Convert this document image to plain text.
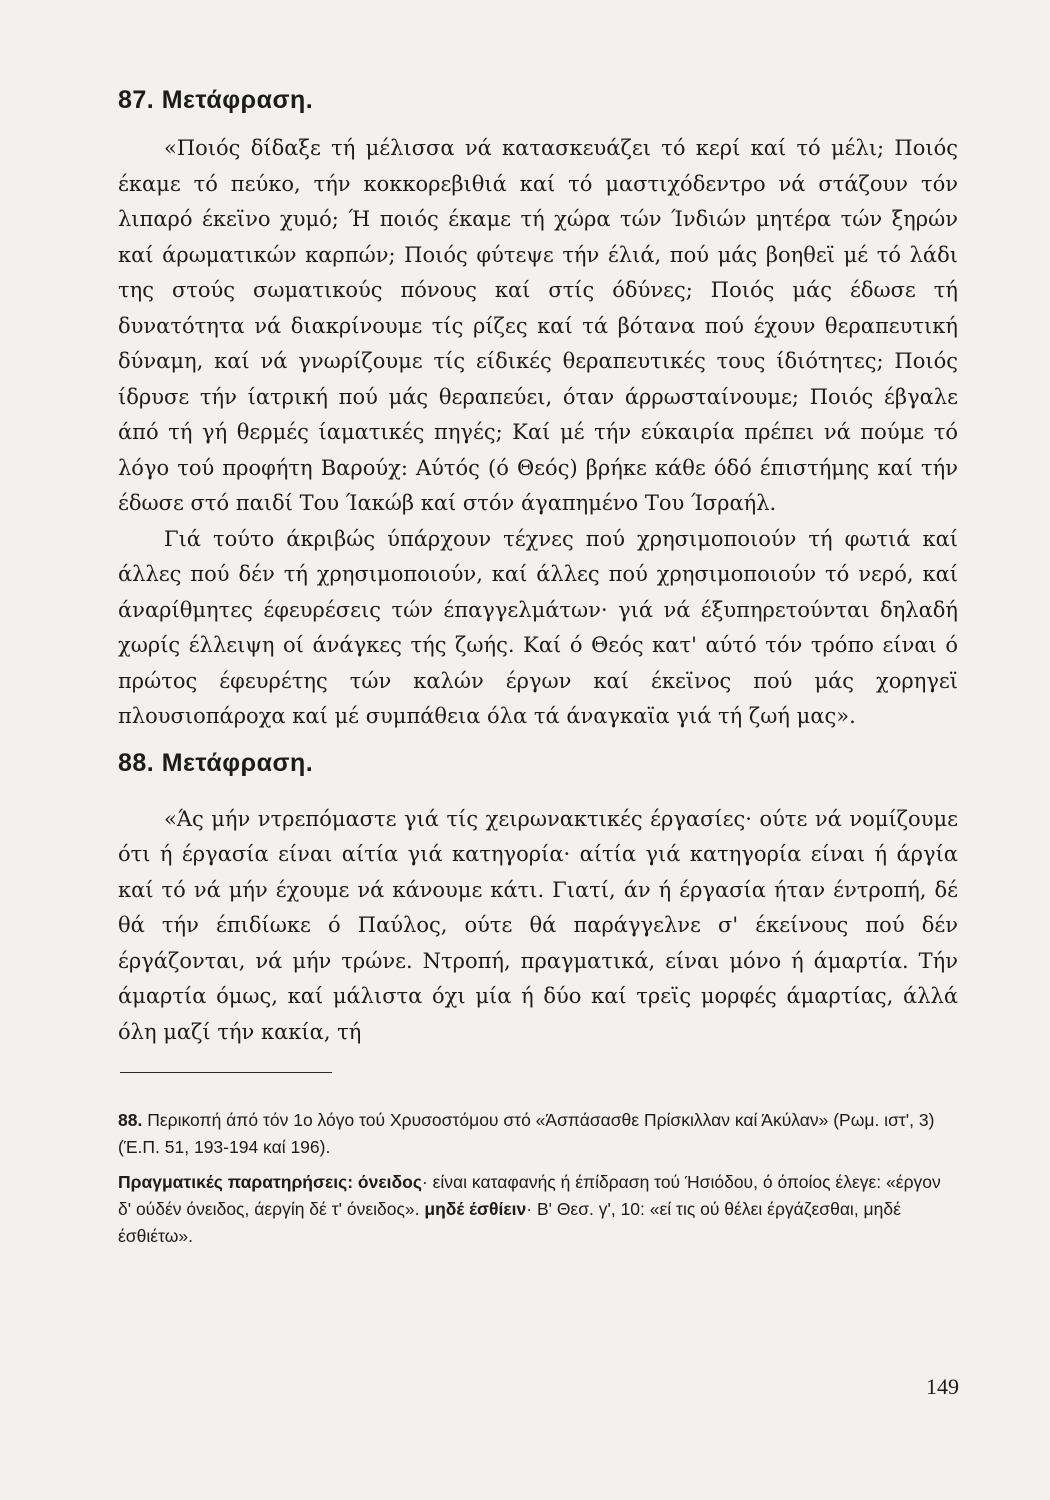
87. Μετάφραση.

«Ποιός δίδαξε τή μέλισσα νά κατασκευάζει τό κερί καί τό μέλι; Ποιός έκαμε τό πεύκο, τήν κοκκορεβιθιά καί τό μαστιχόδεντρο νά στάζουν τόν λιπαρό έκεϊνο χυμό; Ή ποιός έκαμε τή χώρα τών Ίνδιών μητέρα τών ξηρών καί άρωματικών καρπών; Ποιός φύτεψε τήν έλιά, πού μάς βοηθεϊ μέ τό λάδι της στούς σωματικούς πόνους καί στίς όδύνες; Ποιός μάς έδωσε τή δυνατότητα νά διακρίνουμε τίς ρίζες καί τά βότανα πού έχουν θεραπευτική δύναμη, καί νά γνωρίζουμε τίς είδικές θεραπευτικές τους ίδιότητες; Ποιός ίδρυσε τήν ίατρική πού μάς θεραπεύει, όταν άρρωσταίνουμε; Ποιός έβγαλε άπό τή γή θερμές ίαματικές πηγές; Καί μέ τήν εύκαιρία πρέπει νά πούμε τό λόγο τού προφήτη Βαρούχ: Αύτός (ό Θεός) βρήκε κάθε όδό έπιστήμης καί τήν έδωσε στό παιδί Του Ίακώβ καί στόν άγαπημένο Του Ίσραήλ.

Γιά τούτο άκριβώς ύπάρχουν τέχνες πού χρησιμοποιούν τή φωτιά καί άλλες πού δέν τή χρησιμοποιούν, καί άλλες πού χρησιμοποιούν τό νερό, καί άναρίθμητες έφευρέσεις τών έπαγγελμάτων· γιά νά έξυπηρετούνται δηλαδή χωρίς έλλειψη οί άνάγκες τής ζωής. Καί ό Θεός κατ' αύτό τόν τρόπο είναι ό πρώτος έφευρέτης τών καλών έργων καί έκεϊνος πού μάς χορηγεϊ πλουσιοπάροχα καί μέ συμπάθεια όλα τά άναγκαϊα γιά τή ζωή μας».

88. Μετάφραση.

«Άς μήν ντρεπόμαστε γιά τίς χειρωνακτικές έργασίες· ούτε νά νομίζουμε ότι ή έργασία είναι αίτία γιά κατηγορία· αίτία γιά κατηγορία είναι ή άργία καί τό νά μήν έχουμε νά κάνουμε κάτι. Γιατί, άν ή έργασία ήταν έντροπή, δέ θά τήν έπιδίωκε ό Παύλος, ούτε θά παράγγελνε σ' έκείνους πού δέν έργάζονται, νά μήν τρώνε. Ντροπή, πραγματικά, είναι μόνο ή άμαρτία. Τήν άμαρτία όμως, καί μάλιστα όχι μία ή δύο καί τρεϊς μορφές άμαρτίας, άλλά όλη μαζί τήν κακία, τή

88. Περικοπή άπό τόν 1ο λόγο τού Χρυσοστόμου στό «Άσπάσασθε Πρίσκιλλαν καί Άκύλαν» (Ρωμ. ιστ', 3) (Έ.Π. 51, 193-194 καί 196).

Πραγματικές παρατηρήσεις: όνειδος· είναι καταφανής ή έπίδραση τού Ήσιόδου, ό όποίος έλεγε: «έργον δ' ούδέν όνειδος, άεργίη δέ τ' όνειδος». μηδέ έσθίειν· Β' Θεσ. γ', 10: «εί τις ού θέλει έργάζεσθαι, μηδέ έσθιέτω».

149
